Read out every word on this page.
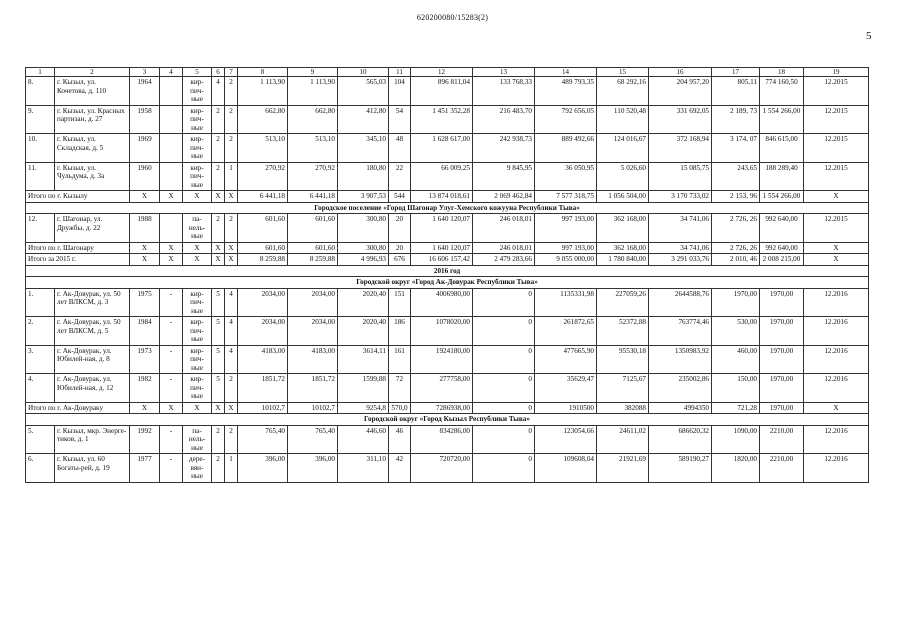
620200080/15283(2)
5
1	2	3	4	5	6	7	8	9	10	11	12	13	14	15	16	17	18	19
8.	г. Кызыл, ул. Кочетова, д. 110	1964		кир-пич-ные	4	2	1 113,90	1 113,90	565,03	104	896 811,04	133 768,33	489 793,35	68 292,16	204 957,20	805,11	774 160,50	12.2015
9.	г. Кызыл, ул. Красных партизан, д. 27	1958		кир-пич-ные	2	2	662,80	662,80	412,80	54	1 451 352,28	216 483,70	792 656,05	110 520,48	331 692,05	2 189, 73	1 554 266,00	12.2015
10.	г. Кызыл, ул. Складская, д. 5	1969		кир-пич-ные	2	2	513,10	513,10	345,10	48	1 628 617,00	242 938,73	889 492,66	124 016,67	372 168,94	3 174, 07	846 615,00	12.2015
11.	г. Кызыл, ул. Чульдума, д. 3а	1960		кир-пич-ные	2	1	270,92	270,92	180,80	22	66 009,25	9 845,95	36 050,95	5 026,60	15 085,75	243,65	188 289,40	12.2015
Итого по г. Кызылу		X	X	X	X	X	6 441,18	6 441,18	3 907,53	544	13 874 018,61	2 069 462,84	7 577 318,75	1 056 504,00	3 170 733,02	2 153, 96	1 554 266,00	X
Городское поселение «Город Шагонар Улуг-Хемского кожууна Республики Тыва»																		
12.	г. Шагонар, ул. Дружбы, д. 22	1988		па-нель-ные	2	2	601,60	601,60	300,80	20	1 640 120,07	246 018,01	997 193,00	362 168,00	34 741,06	2 726, 26	992 640,00	12.2015
Итого по г. Шагонару		X	X	X	X	X	601,60	601,60	300,80	20	1 640 120,07	246 018,01	997 193,00	362 168,00	34 741,06	2 726, 26	992 640,00	X
Итого за 2015 г.		X	X	X	X	X	8 259,88	8 259,88	4 996,93	676	16 606 157,42	2 479 283,66	9 055 000,00	1 780 840,00	3 291 033,76	2 010, 46	2 008 215,00	X
2016 год																		
Городской округ «Город Ак-Довурак Республики Тыва»																		
1.	г. Ак-Довурак, ул. 50 лет ВЛКСМ, д. 3	1975	-	кир-пич-ные	5	4	2034,00	2034,00	2020,40	151	4006980,00	0	1135331,98	227059,26	2644588,76	1970,00	1970,00	12.2016
2.	г. Ак-Довурак, ул. 50 лет ВЛКСМ, д. 5	1984	-	кир-пич-ные	5	4	2034,00	2034,00	2020,40	186	1078020,00	0	261872,65	52372,88	763774,46	530,00	1970,00	12.2016
3.	г. Ак-Довурак, ул. Юбилей-ная, д. 8	1973	-	кир-пич-ные	5	4	4183,00	4183,00	3614,11	161	1924180,00	0	477665,90	95530,18	1350983,92	460,00	1970,00	12.2016
4.	г. Ак-Довурак, ул. Юбилей-ная, д. 12	1982	-	кир-пич-ные	5	2	1851,72	1851,72	1599,88	72	277758,00	0	35629,47	7125,67	235002,86	150,00	1970,00	12.2016
Итого по г. Ак-Довураку		X	X	X	X	X	10102,7	10102,7	9254,8	570,0	7286938,00	0	1910500	382088	4994350	721,28	1970,00	X
Городской округ «Город Кызыл Республики Тыва»																		
5.	г. Кызыл, мкр. Энерге-тиков, д. 1	1992	-	па-нель-ные	2	2	765,40	765,40	446,60	46	834286,00	0	123054,66	24611,02	686620,32	1090,00	2210,00	12.2016
6.	г. Кызыл, ул. 60 Богаты-рей, д. 19	1977	-	дере-вян-ные	2	1	396,00	396,00	311,10	42	720720,00	0	109608,04	21921,69	589190,27	1820,00	2210,00	12.2016
